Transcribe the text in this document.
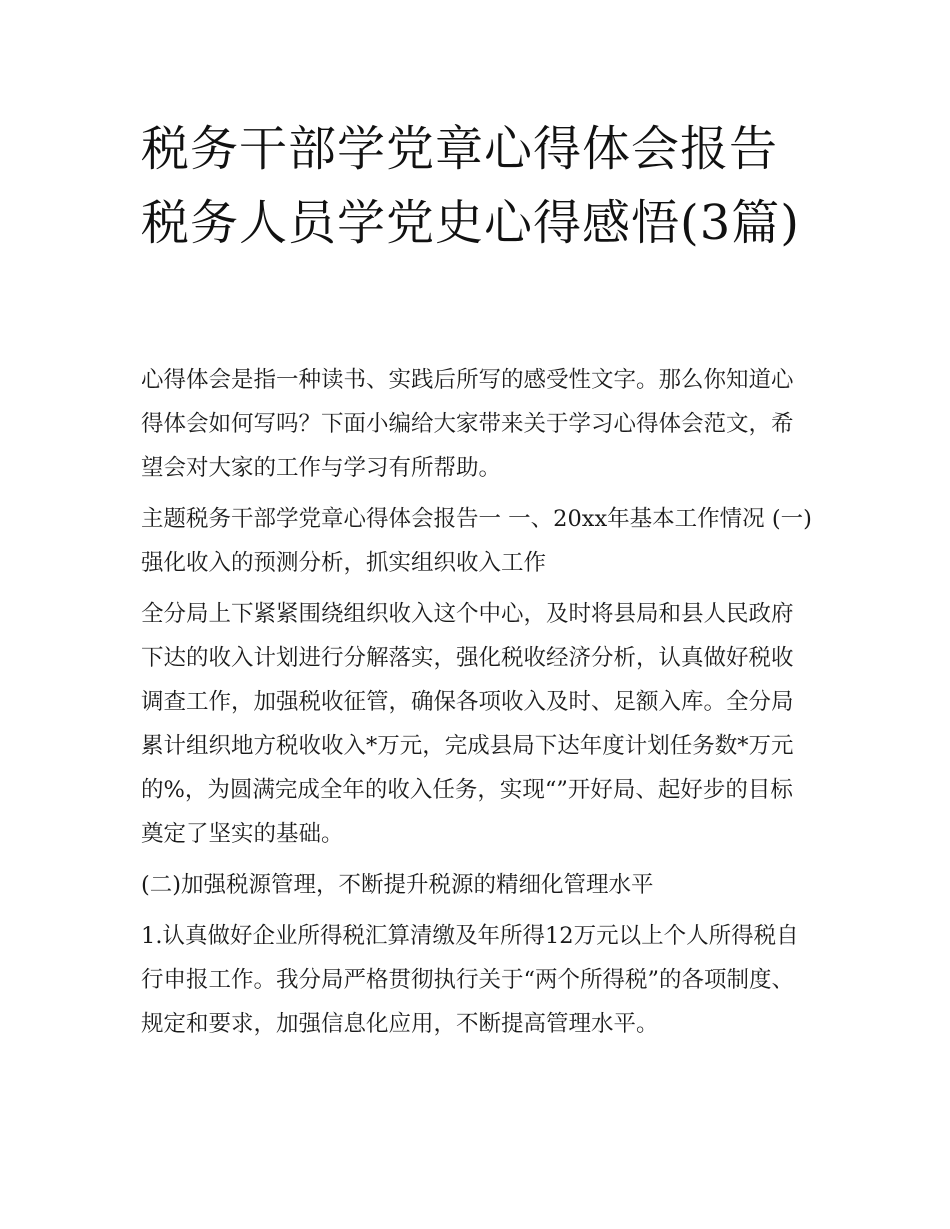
税务干部学党章心得体会报告税务人员学党史心得感悟(3篇)

心得体会是指一种读书、实践后所写的感受性文字。那么你知道心得体会如何写吗？下面小编给大家带来关于学习心得体会范文，希望会对大家的工作与学习有所帮助。

主题税务干部学党章心得体会报告一 一、20xx年基本工作情况 (一)强化收入的预测分析，抓实组织收入工作

全分局上下紧紧围绕组织收入这个中心，及时将县局和县人民政府下达的收入计划进行分解落实，强化税收经济分析，认真做好税收调查工作，加强税收征管，确保各项收入及时、足额入库。全分局累计组织地方税收收入*万元，完成县局下达年度计划任务数*万元的%，为圆满完成全年的收入任务，实现“”开好局、起好步的目标奠定了坚实的基础。

(二)加强税源管理，不断提升税源的精细化管理水平

1.认真做好企业所得税汇算清缴及年所得12万元以上个人所得税自行申报工作。我分局严格贯彻执行关于“两个所得税”的各项制度、规定和要求，加强信息化应用，不断提高管理水平。
